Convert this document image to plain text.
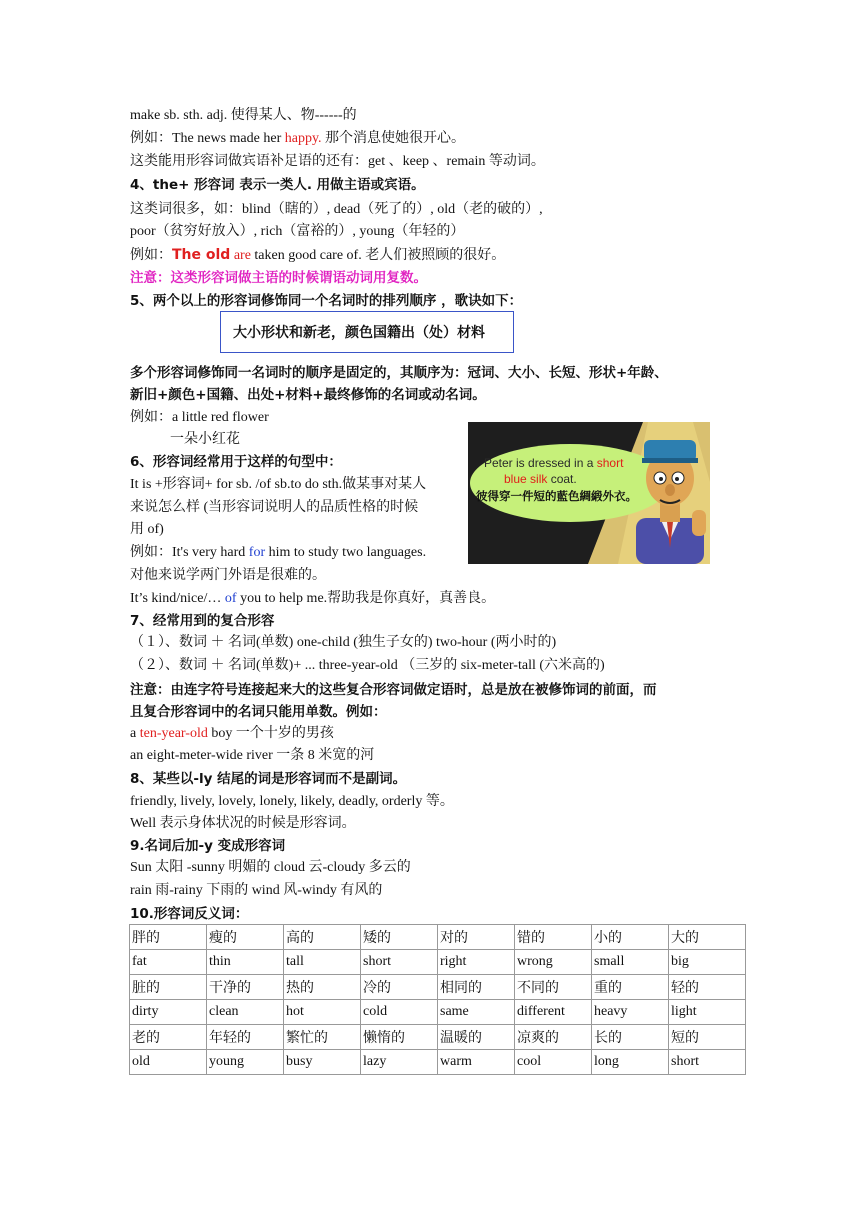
make sb. sth. adj. 使得某人、物------的
例如：The news made her happy. 那个消息使她很开心。
这类能用形容词做宾语补足语的还有：get 、keep 、remain 等动词。
4、the+ 形容词 表示一类人. 用做主语或宾语。
这类词很多，如：blind（瞎的）, dead（死了的）, old（老的破的）,
poor（贫穷好放入）, rich（富裕的）, young（年轻的）
例如：The old are taken good care of. 老人们被照顾的很好。
注意：这类形容词做主语的时候谓语动词用复数。
5、两个以上的形容词修饰同一个名词时的排列顺序 ，歌诀如下：
大小形状和新老，颜色国籍出（处）材料
多个形容词修饰同一名词时的顺序是固定的，其顺序为：冠词、大小、长短、形状+年龄、
新旧+颜色+国籍、出处+材料+最终修饰的名词或动名词。
例如：a little red flower
一朵小红花
6、形容词经常用于这样的句型中：
It is +形容词+ for sb. /of sb.to do sth.做某事对某人
来说怎么样 (当形容词说明人的品质性格的时候
用 of)
例如：It's very hard for him to study two languages.
对他来说学两门外语是很难的。
It’s kind/nice/… of you to help me.帮助我是你真好，真善良。
7、经常用到的复合形容
（１）、数词 ＋ 名词(单数) one-child (独生子女的) two-hour (两小时的)
（２）、数词 ＋ 名词(单数)+ ... three-year-old （三岁的 six-meter-tall (六米高的)
注意：由连字符号连接起来大的这些复合形容词做定语时，总是放在被修饰词的前面，而
且复合形容词中的名词只能用单数。例如：
a ten-year-old boy 一个十岁的男孩
an eight-meter-wide river 一条 8 米宽的河
8、某些以-ly 结尾的词是形容词而不是副词。
friendly, lively, lovely, lonely, likely, deadly, orderly 等。
Well 表示身体状况的时候是形容词。
9.名词后加-y 变成形容词
Sun 太阳 -sunny 明媚的 cloud 云-cloudy 多云的
rain 雨-rainy 下雨的 wind 风-windy 有风的
10.形容词反义词：
Peter is dressed in a short
blue silk coat.
彼得穿一件短的藍色綢緞外衣。
胖的	瘦的	高的	矮的	对的	错的	小的	大的
fat	thin	tall	short	right	wrong	small	big
脏的	干净的	热的	冷的	相同的	不同的	重的	轻的
dirty	clean	hot	cold	same	different	heavy	light
老的	年轻的	繁忙的	懒惰的	温暖的	凉爽的	长的	短的
old	young	busy	lazy	warm	cool	long	short
